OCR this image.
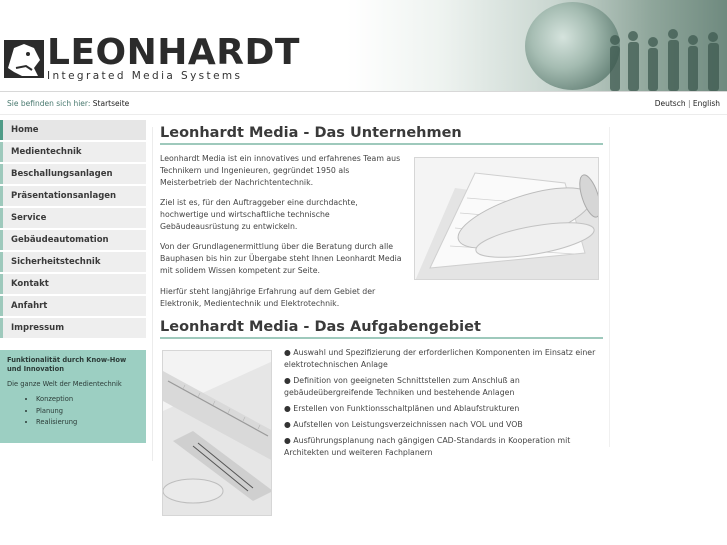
LEONHARDT
Integrated Media Systems
Sie befinden sich hier: Startseite	Deutsch | English
Home
Medientechnik
Beschallungsanlagen
Präsentationsanlagen
Service
Gebäudeautomation
Sicherheitstechnik
Kontakt
Anfahrt
Impressum
Funktionalität durch Know-How und Innovation
Die ganze Welt der Medientechnik
• Konzeption
• Planung
• Realisierung
Leonhardt Media - Das Unternehmen
Leonhardt Media ist ein innovatives und erfahrenes Team aus Technikern und Ingenieuren, gegründet 1950 als Meisterbetrieb der Nachrichtentechnik.
Ziel ist es, für den Auftraggeber eine durchdachte, hochwertige und wirtschaftliche technische Gebäudeausrüstung zu entwickeln.
Von der Grundlagenermittlung über die Beratung durch alle Bauphasen bis hin zur Übergabe steht Ihnen Leonhardt Media mit solidem Wissen kompetent zur Seite.
Hierfür steht langjährige Erfahrung auf dem Gebiet der Elektronik, Medientechnik und Elektrotechnik.
Leonhardt Media - Das Aufgabengebiet
● Auswahl und Spezifizierung der erforderlichen Komponenten im Einsatz einer elektrotechnischen Anlage
● Definition von geeigneten Schnittstellen zum Anschluß an gebäudeübergreifende Techniken und bestehende Anlagen
● Erstellen von Funktionsschaltplänen und Ablaufstrukturen
● Aufstellen von Leistungsverzeichnissen nach VOL und VOB
● Ausführungsplanung nach gängigen CAD-Standards in Kooperation mit Architekten und weiteren Fachplanern
